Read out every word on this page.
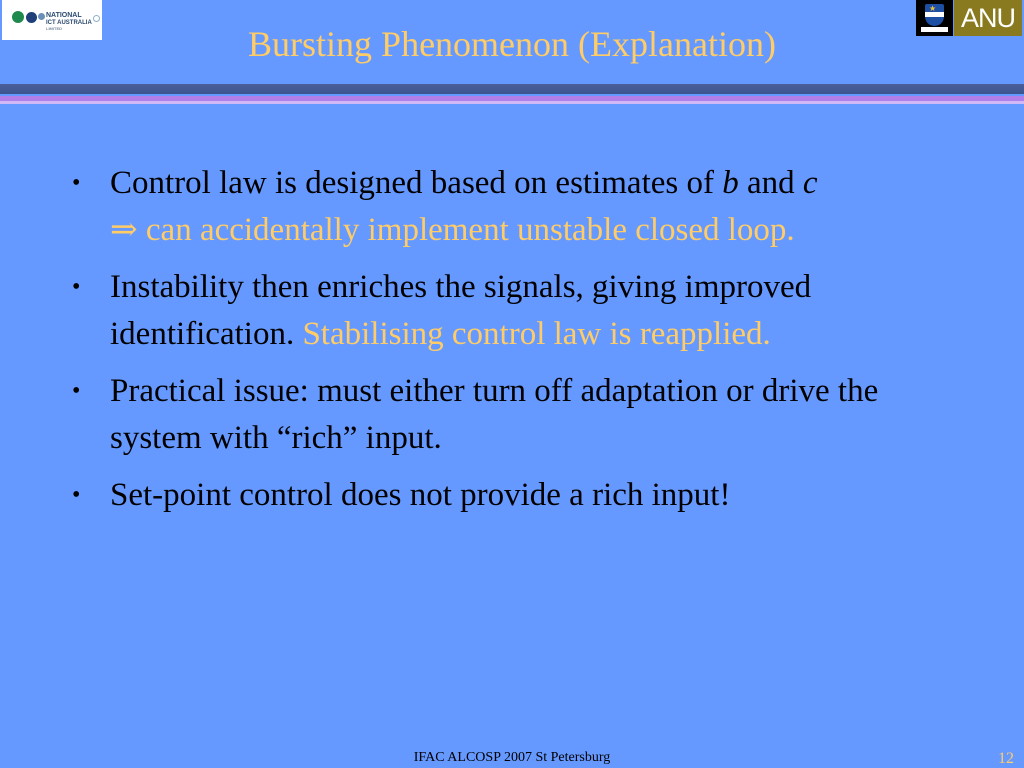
NATIONAL
ICT AUSTRALIA
LIMITED
★ ANU
Bursting Phenomenon (Explanation)
• Control law is designed based on estimates of b and c
⇒ can accidentally implement unstable closed loop.
• Instability then enriches the signals, giving improved identification. Stabilising control law is reapplied.
• Practical issue: must either turn off adaptation or drive the system with “rich” input.
• Set-point control does not provide a rich input!
IFAC ALCOSP 2007 St Petersburg	12
